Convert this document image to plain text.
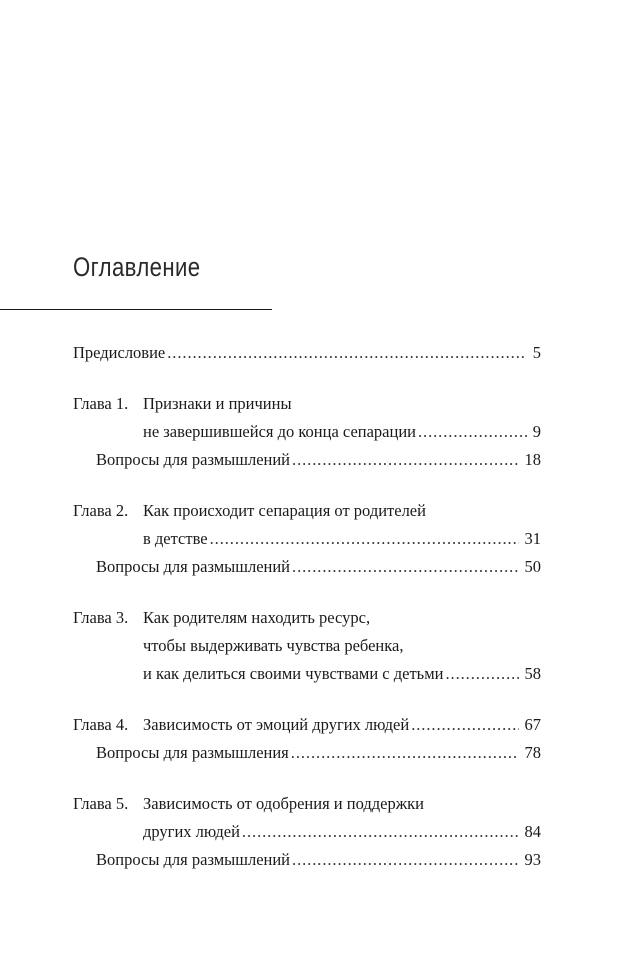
Оглавление
Предисловие . . .	5
Глава 1. Признаки и причины
не завершившейся до конца сепарации . . .	9
Вопросы для размышлений . . .	18
Глава 2. Как происходит сепарация от родителей
в детстве . . .	31
Вопросы для размышлений . . .	50
Глава 3. Как родителям находить ресурс,
чтобы выдерживать чувства ребенка,
и как делиться своими чувствами с детьми . . .	58
Глава 4. Зависимость от эмоций других людей . . .	67
Вопросы для размышления . . .	78
Глава 5. Зависимость от одобрения и поддержки
других людей . . .	84
Вопросы для размышлений . . .	93
